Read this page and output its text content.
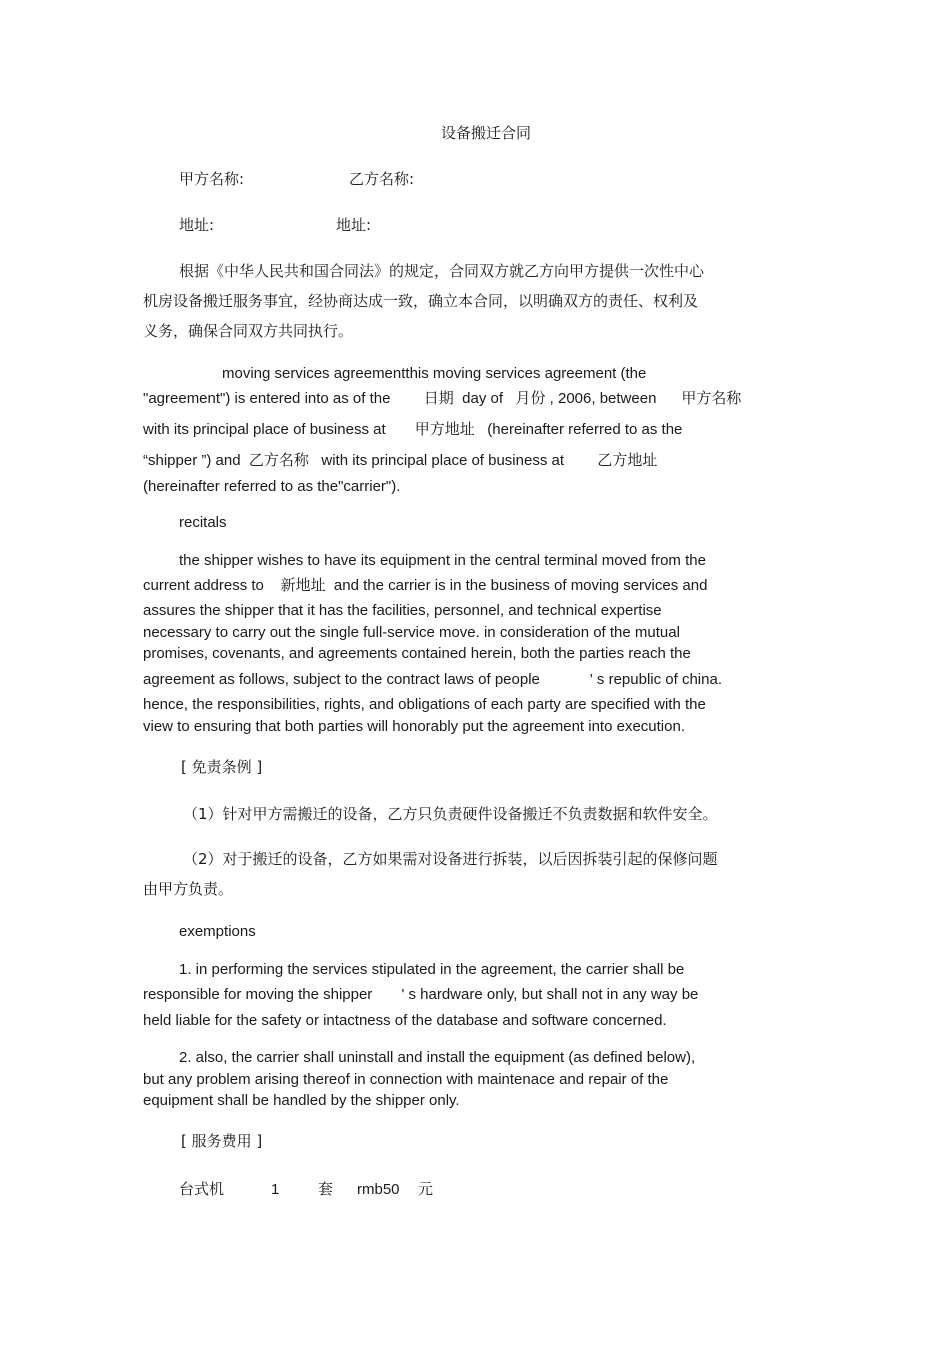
设备搬迁合同
甲方名称:	乙方名称:
地址:	地址:
根据《中华人民共和国合同法》的规定，合同双方就乙方向甲方提供一次性中心
机房设备搬迁服务事宜，经协商达成一致，确立本合同，以明确双方的责任、权利及
义务，确保合同双方共同执行。
moving services agreementthis moving services agreement (the
"agreement") is entered into as of the        日期  day of   月份 , 2006, between      甲方名称
with its principal place of business at       甲方地址   (hereinafter referred to as the
“shipper ”) and  乙方名称   with its principal place of business at        乙方地址
(hereinafter referred to as the"carrier").
recitals
the shipper wishes to have its equipment in the central terminal moved from the
current address to    新地址  and the carrier is in the business of moving services and
assures the shipper that it has the facilities, personnel, and technical expertise
necessary to carry out the single full-service move. in consideration of the mutual
promises, covenants, and agreements contained herein, both the parties reach the
agreement as follows, subject to the contract laws of people            ' s republic of china.
hence, the responsibilities, rights, and obligations of each party are specified with the
view to ensuring that both parties will honorably put the agreement into execution.
[ 免责条例 ]
（1）针对甲方需搬迁的设备，乙方只负责硬件设备搬迁不负责数据和软件安全。
（2）对于搬迁的设备，乙方如果需对设备进行拆装，以后因拆装引起的保修问题
由甲方负责。
exemptions
1. in performing the services stipulated in the agreement, the carrier shall be
responsible for moving the shipper       ' s hardware only, but shall not in any way be
held liable for the safety or intactness of the database and software concerned.
2. also, the carrier shall uninstall and install the equipment (as defined below),
but any problem arising thereof in connection with maintenace and repair of the
equipment shall be handled by the shipper only.
[ 服务费用 ]
台式机	1	套 rmb50 元
